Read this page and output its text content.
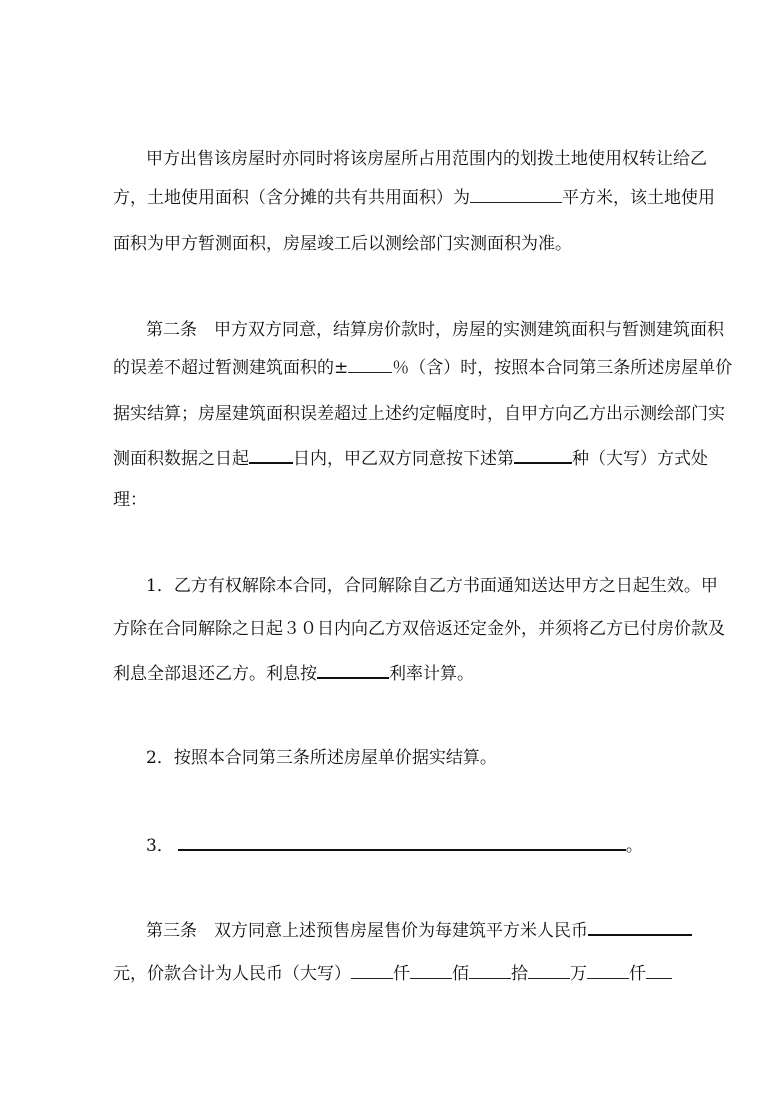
甲方出售该房屋时亦同时将该房屋所占用范围内的划拨土地使用权转让给乙
方，土地使用面积（含分摊的共有共用面积）为	平方米，该土地使用
面积为甲方暂测面积，房屋竣工后以测绘部门实测面积为准。
第二条　甲方双方同意，结算房价款时，房屋的实测建筑面积与暂测建筑面积
的误差不超过暂测建筑面积的±	％（含）时，按照本合同第三条所述房屋单价
据实结算；房屋建筑面积误差超过上述约定幅度时，自甲方向乙方出示测绘部门实
测面积数据之日起	日内，甲乙双方同意按下述第	种（大写）方式处
理：
1．乙方有权解除本合同，合同解除自乙方书面通知送达甲方之日起生效。甲
方除在合同解除之日起３０日内向乙方双倍返还定金外，并须将乙方已付房价款及
利息全部退还乙方。利息按	利率计算。
2．按照本合同第三条所述房屋单价据实结算。
3．	。
第三条　双方同意上述预售房屋售价为每建筑平方米人民币
元，价款合计为人民币（大写） 仟 佰 拾 万 仟
